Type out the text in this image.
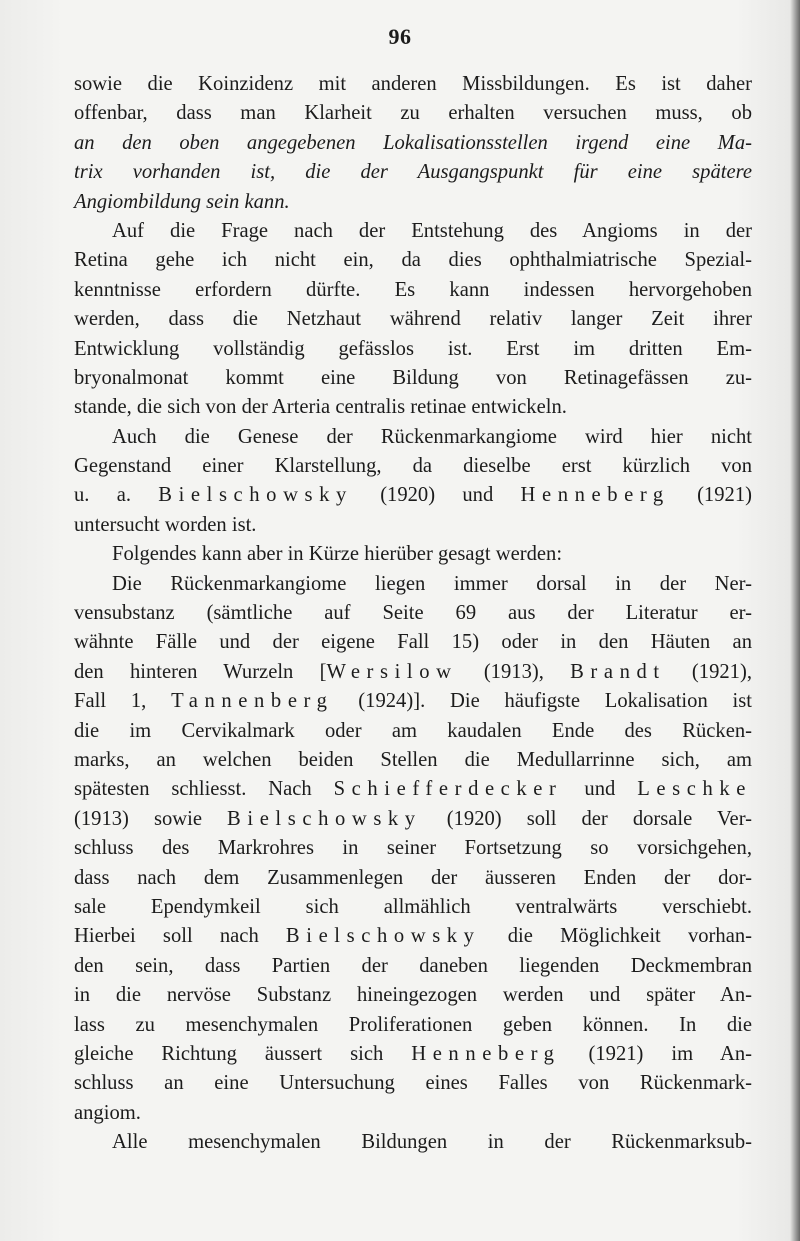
96
sowie die Koinzidenz mit anderen Missbildungen. Es ist daher
offenbar, dass man Klarheit zu erhalten versuchen muss, ob
an den oben angegebenen Lokalisationsstellen irgend eine Ma-
trix vorhanden ist, die der Ausgangspunkt für eine spätere
Angiombildung sein kann.
Auf die Frage nach der Entstehung des Angioms in der
Retina gehe ich nicht ein, da dies ophthalmiatrische Spezial-
kenntnisse erfordern dürfte. Es kann indessen hervorgehoben
werden, dass die Netzhaut während relativ langer Zeit ihrer
Entwicklung vollständig gefässlos ist. Erst im dritten Em-
bryonalmonat kommt eine Bildung von Retinagefässen zu-
stande, die sich von der Arteria centralis retinae entwickeln.
Auch die Genese der Rückenmarkangiome wird hier nicht
Gegenstand einer Klarstellung, da dieselbe erst kürzlich von
u. a. Bielschowsky (1920) und Henneberg (1921)
untersucht worden ist.
Folgendes kann aber in Kürze hierüber gesagt werden:
Die Rückenmarkangiome liegen immer dorsal in der Ner-
vensubstanz (sämtliche auf Seite 69 aus der Literatur er-
wähnte Fälle und der eigene Fall 15) oder in den Häuten an
den hinteren Wurzeln [Wersilow (1913), Brandt (1921),
Fall 1, Tannenberg (1924)]. Die häufigste Lokalisation ist
die im Cervikalmark oder am kaudalen Ende des Rücken-
marks, an welchen beiden Stellen die Medullarrinne sich, am
spätesten schliesst. Nach Schiefferdecker und Leschke
(1913) sowie Bielschowsky (1920) soll der dorsale Ver-
schluss des Markrohres in seiner Fortsetzung so vorsichgehen,
dass nach dem Zusammenlegen der äusseren Enden der dor-
sale Ependymkeil sich allmählich ventralwärts verschiebt.
Hierbei soll nach Bielschowsky die Möglichkeit vorhan-
den sein, dass Partien der daneben liegenden Deckmembran
in die nervöse Substanz hineingezogen werden und später An-
lass zu mesenchymalen Proliferationen geben können. In die
gleiche Richtung äussert sich Henneberg (1921) im An-
schluss an eine Untersuchung eines Falles von Rückenmark-
angiom.
Alle mesenchymalen Bildungen in der Rückenmarksub-
